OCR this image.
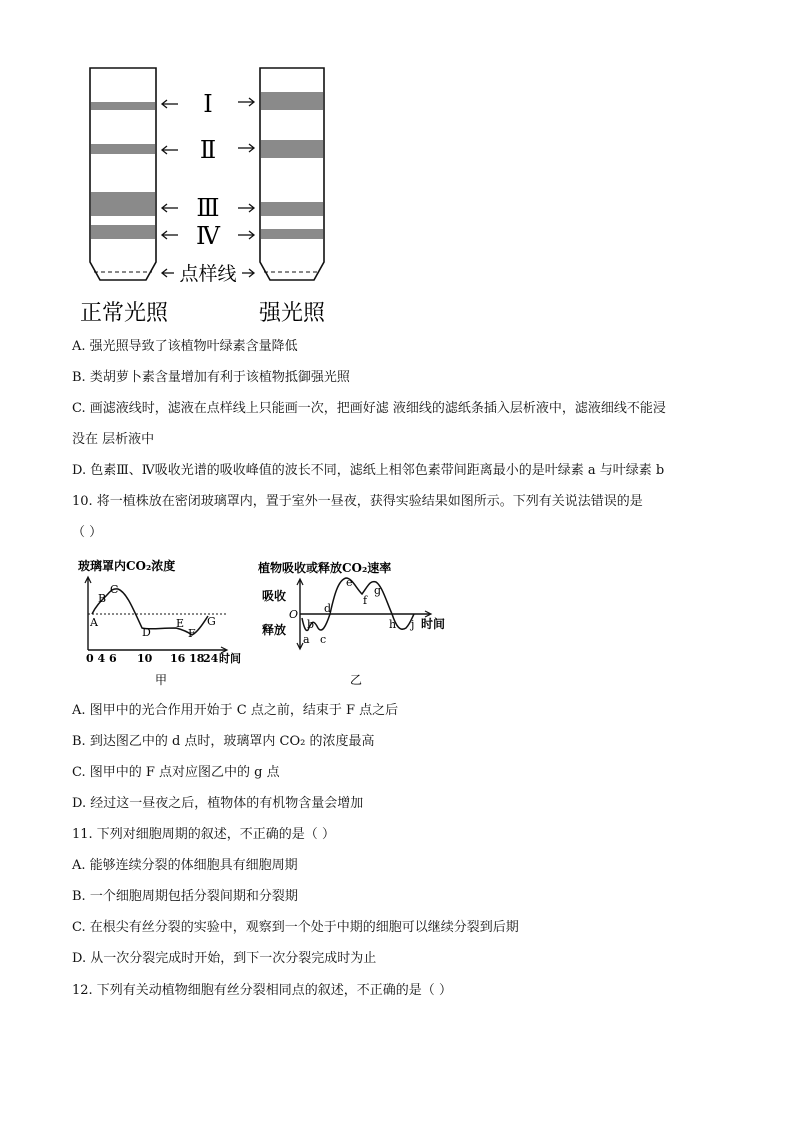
Ⅰ
Ⅱ
Ⅲ
Ⅳ
点样线
正常光照	强光照
A. 强光照导致了该植物叶绿素含量降低
B. 类胡萝卜素含量增加有利于该植物抵御强光照
C. 画滤液线时，滤液在点样线上只能画一次，把画好滤 液细线的滤纸条插入层析液中，滤液细线不能浸
没在 层析液中
D. 色素Ⅲ、Ⅳ吸收光谱的吸收峰值的波长不同，滤纸上相邻色素带间距离最小的是叶绿素 a 与叶绿素 b
10. 将一植株放在密闭玻璃罩内，置于室外一昼夜，获得实验结果如图所示。下列有关说法错误的是
（ ）
玻璃罩内CO₂浓度
A
B
C
D
E
F
G
0 4 6 10 16 18
24 时间
甲
植物吸收或释放CO₂速率
吸收
释放
O
a
b
c
d
e
f
g
h j 时间
乙
A. 图甲中的光合作用开始于 C 点之前，结束于 F 点之后
B. 到达图乙中的 d 点时，玻璃罩内 CO₂ 的浓度最高
C. 图甲中的 F 点对应图乙中的 g 点
D. 经过这一昼夜之后，植物体的有机物含量会增加
11. 下列对细胞周期的叙述，不正确的是（ ）
A. 能够连续分裂的体细胞具有细胞周期
B. 一个细胞周期包括分裂间期和分裂期
C. 在根尖有丝分裂的实验中，观察到一个处于中期的细胞可以继续分裂到后期
D. 从一次分裂完成时开始，到下一次分裂完成时为止
12. 下列有关动植物细胞有丝分裂相同点的叙述，不正确的是（ ）
